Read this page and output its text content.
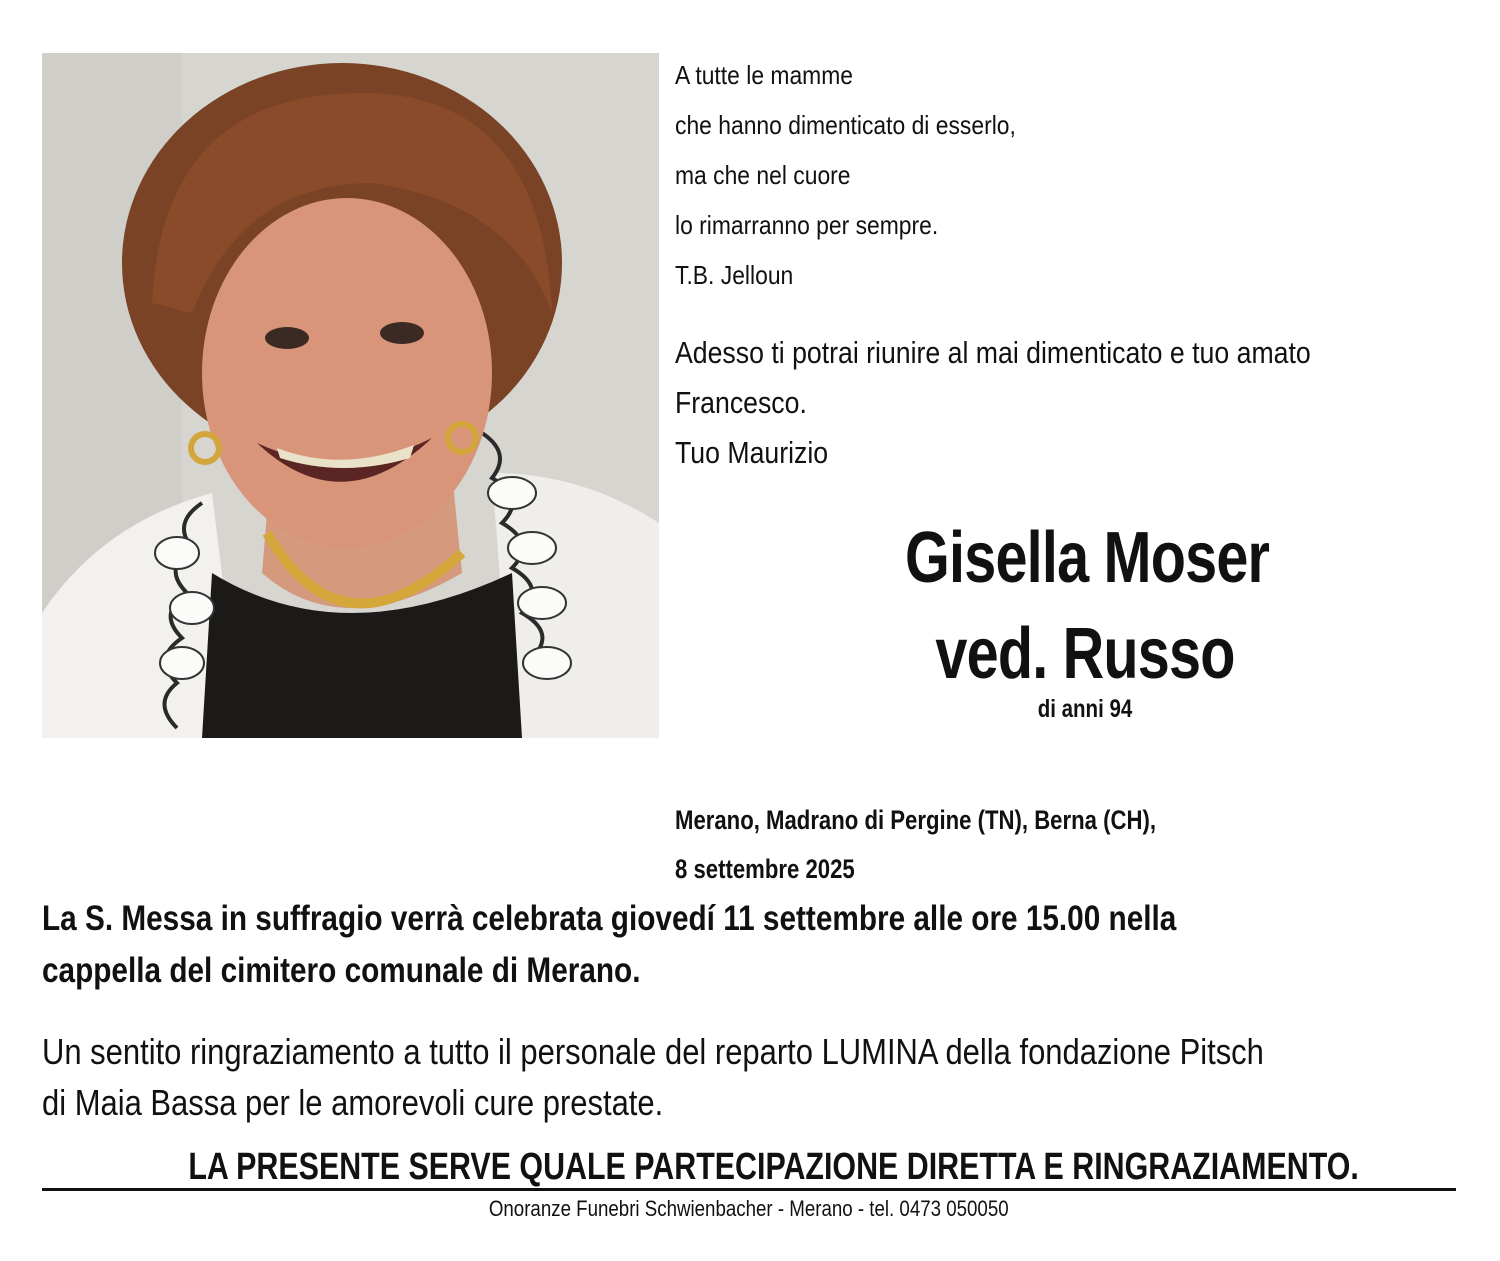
A tutte le mamme
che hanno dimenticato di esserlo,
ma che nel cuore
lo rimarranno per sempre.
T.B. Jelloun
Adesso ti potrai riunire al mai dimenticato e tuo amato
Francesco.
Tuo Maurizio
Gisella Moser
ved. Russo
di anni 94
Merano, Madrano di Pergine (TN), Berna (CH),
8 settembre 2025
La S. Messa in suffragio verrà celebrata giovedí 11 settembre alle ore 15.00 nella
cappella del cimitero comunale di Merano.
Un sentito ringraziamento a tutto il personale del reparto LUMINA della fondazione Pitsch
di Maia Bassa per le amorevoli cure prestate.
LA PRESENTE SERVE QUALE PARTECIPAZIONE DIRETTA E RINGRAZIAMENTO.
Onoranze Funebri Schwienbacher - Merano - tel. 0473 050050
